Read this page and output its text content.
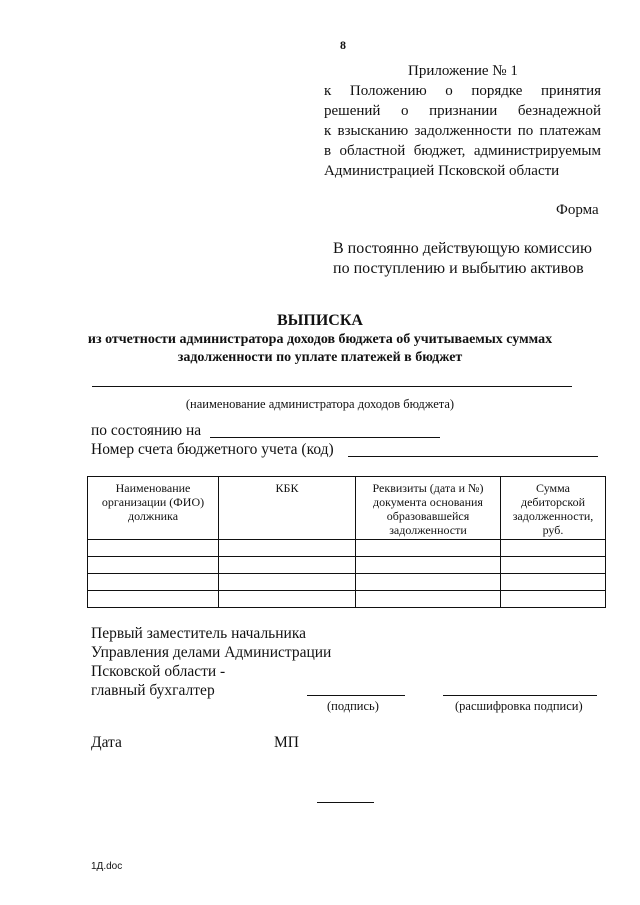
8
Приложение № 1
к Положению о порядке принятия
решений о признании безнадежной
к взысканию задолженности по платежам
в областной бюджет, администрируемым
Администрацией Псковской области
Форма
В постоянно действующую комиссию
по поступлению и выбытию активов
ВЫПИСКА
из отчетности администратора доходов бюджета об учитываемых суммах
задолженности по уплате платежей в бюджет
(наименование администратора доходов бюджета)
по состоянию на
Номер счета бюджетного учета (код)
Наименование организации (ФИО) должника	КБК	Реквизиты (дата и №) документа основания образовавшейся задолженности	Сумма дебиторской задолженности, руб.

Первый заместитель начальника
Управления делами Администрации
Псковской области -
главный бухгалтер
(подпись)	(расшифровка подписи)
Дата	МП
1Д.doc
